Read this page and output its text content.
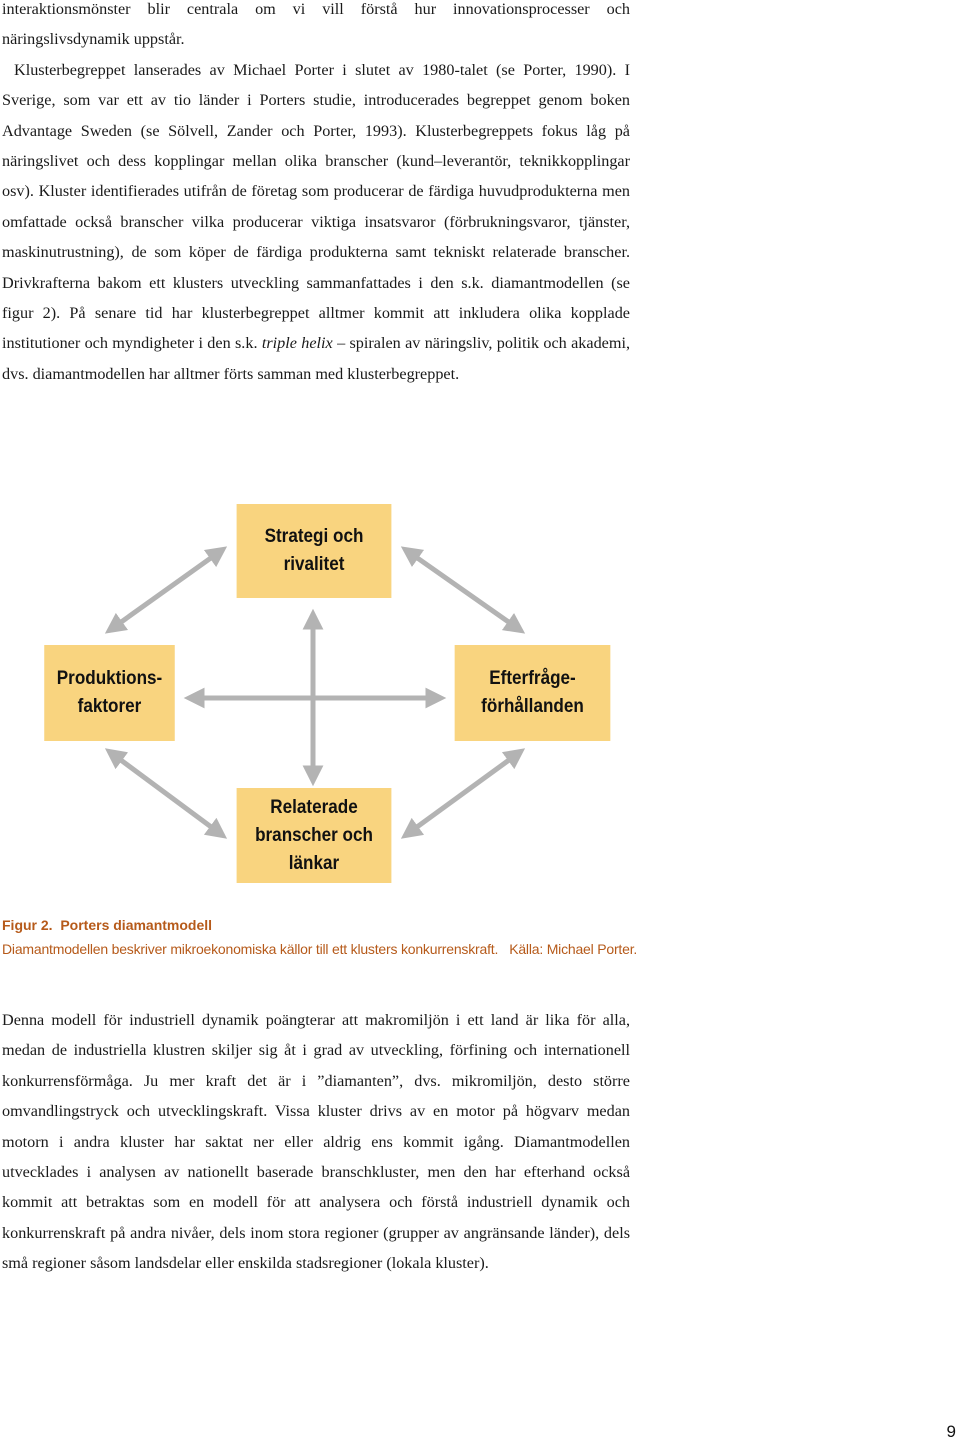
interaktionsmönster blir centrala om vi vill förstå hur innovationsprocesser och näringslivsdynamik uppstår.

Klusterbegreppet lanserades av Michael Porter i slutet av 1980-talet (se Porter, 1990). I Sverige, som var ett av tio länder i Porters studie, introducerades begreppet genom boken Advantage Sweden (se Sölvell, Zander och Porter, 1993). Klusterbegreppets fokus låg på näringslivet och dess kopplingar mellan olika branscher (kund–leverantör, teknikkopplingar osv). Kluster identifierades utifrån de företag som producerar de färdiga huvudprodukterna men omfattade också branscher vilka producerar viktiga insatsvaror (förbrukningsvaror, tjänster, maskinutrustning), de som köper de färdiga produkterna samt tekniskt relaterade branscher. Drivkrafterna bakom ett klusters utveckling sammanfattades i den s.k. diamantmodellen (se figur 2). På senare tid har klusterbegreppet alltmer kommit att inkludera olika kopplade institutioner och myndigheter i den s.k. triple helix – spiralen av näringsliv, politik och akademi, dvs. diamantmodellen har alltmer förts samman med klusterbegreppet.

Strategi och
rivalitet
Produktions-
faktorer
Efterfråge-
förhållanden
Relaterade
branscher och
länkar
Figur 2. Porters diamantmodell
Diamantmodellen beskriver mikroekonomiska källor till ett klusters konkurrenskraft.   Källa: Michael Porter.

Denna modell för industriell dynamik poängterar att makromiljön i ett land är lika för alla, medan de industriella klustren skiljer sig åt i grad av utveckling, förfining och internationell konkurrensförmåga. Ju mer kraft det är i ”diamanten”, dvs. mikromiljön, desto större omvandlingstryck och utvecklingskraft. Vissa kluster drivs av en motor på högvarv medan motorn i andra kluster har saktat ner eller aldrig ens kommit igång. Diamantmodellen utvecklades i analysen av nationellt baserade branschkluster, men den har efterhand också kommit att betraktas som en modell för att analysera och förstå industriell dynamik och konkurrenskraft på andra nivåer, dels inom stora regioner (grupper av angränsande länder), dels små regioner såsom landsdelar eller enskilda stadsregioner (lokala kluster).

9
